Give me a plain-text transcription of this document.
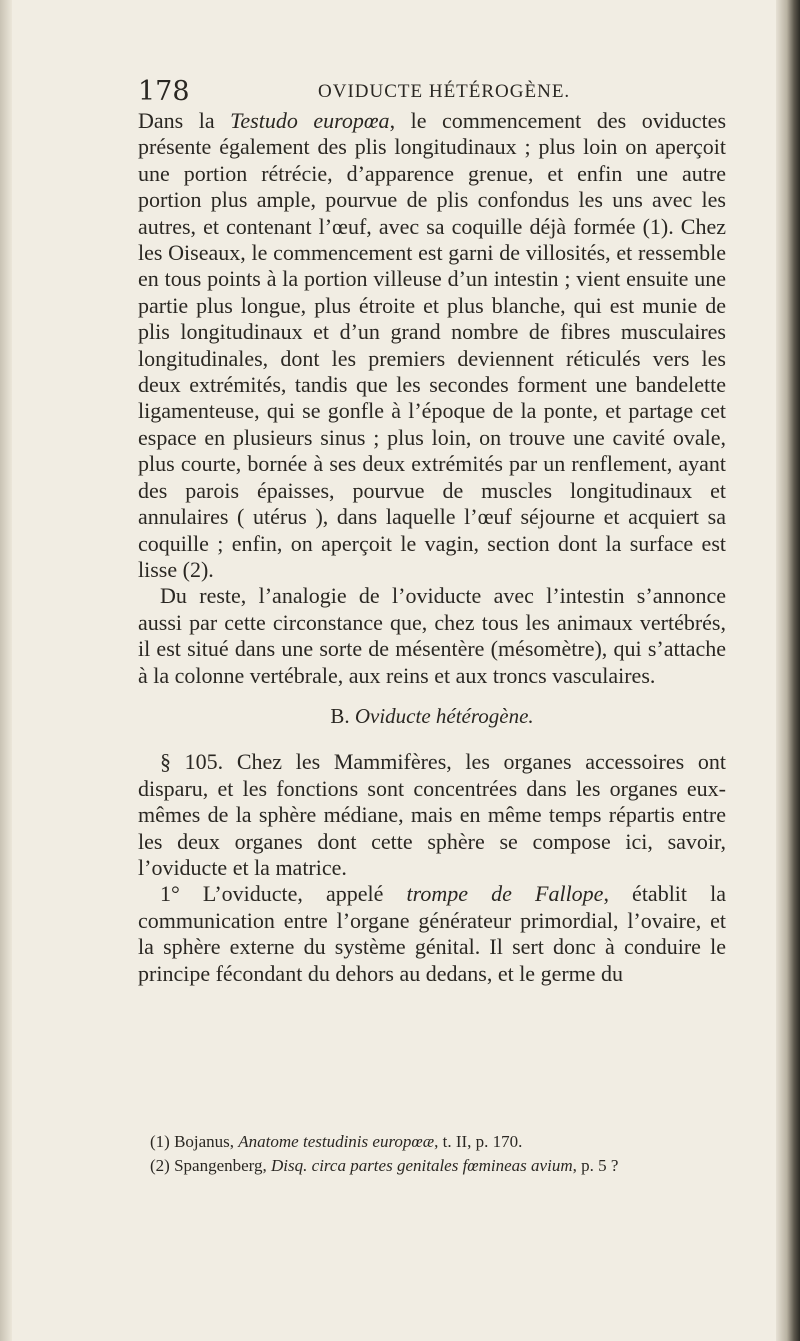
178	OVIDUCTE HÉTÉROGÈNE.

Dans la Testudo europœa, le commencement des oviductes présente également des plis longitudinaux ; plus loin on aperçoit une portion rétrécie, d’apparence grenue, et enfin une autre portion plus ample, pourvue de plis confondus les uns avec les autres, et contenant l’œuf, avec sa coquille déjà formée (1). Chez les Oiseaux, le commencement est garni de villosités, et ressemble en tous points à la portion villeuse d’un intestin ; vient ensuite une partie plus longue, plus étroite et plus blanche, qui est munie de plis longitudinaux et d’un grand nombre de fibres musculaires longitudinales, dont les premiers deviennent réticulés vers les deux extrémités, tandis que les secondes forment une bandelette ligamenteuse, qui se gonfle à l’époque de la ponte, et partage cet espace en plusieurs sinus ; plus loin, on trouve une cavité ovale, plus courte, bornée à ses deux extrémités par un renflement, ayant des parois épaisses, pourvue de muscles longitudinaux et annulaires ( utérus ), dans laquelle l’œuf séjourne et acquiert sa coquille ; enfin, on aperçoit le vagin, section dont la surface est lisse (2).

Du reste, l’analogie de l’oviducte avec l’intestin s’annonce aussi par cette circonstance que, chez tous les animaux vertébrés, il est situé dans une sorte de mésentère (mésomètre), qui s’attache à la colonne vertébrale, aux reins et aux troncs vasculaires.

B. Oviducte hétérogène.

§ 105. Chez les Mammifères, les organes accessoires ont disparu, et les fonctions sont concentrées dans les organes eux-mêmes de la sphère médiane, mais en même temps répartis entre les deux organes dont cette sphère se compose ici, savoir, l’oviducte et la matrice.

1° L’oviducte, appelé trompe de Fallope, établit la communication entre l’organe générateur primordial, l’ovaire, et la sphère externe du système génital. Il sert donc à conduire le principe fécondant du dehors au dedans, et le germe du

(1) Bojanus, Anatome testudinis europœæ, t. II, p. 170.

(2) Spangenberg, Disq. circa partes genitales fœmineas avium, p. 5 ?
